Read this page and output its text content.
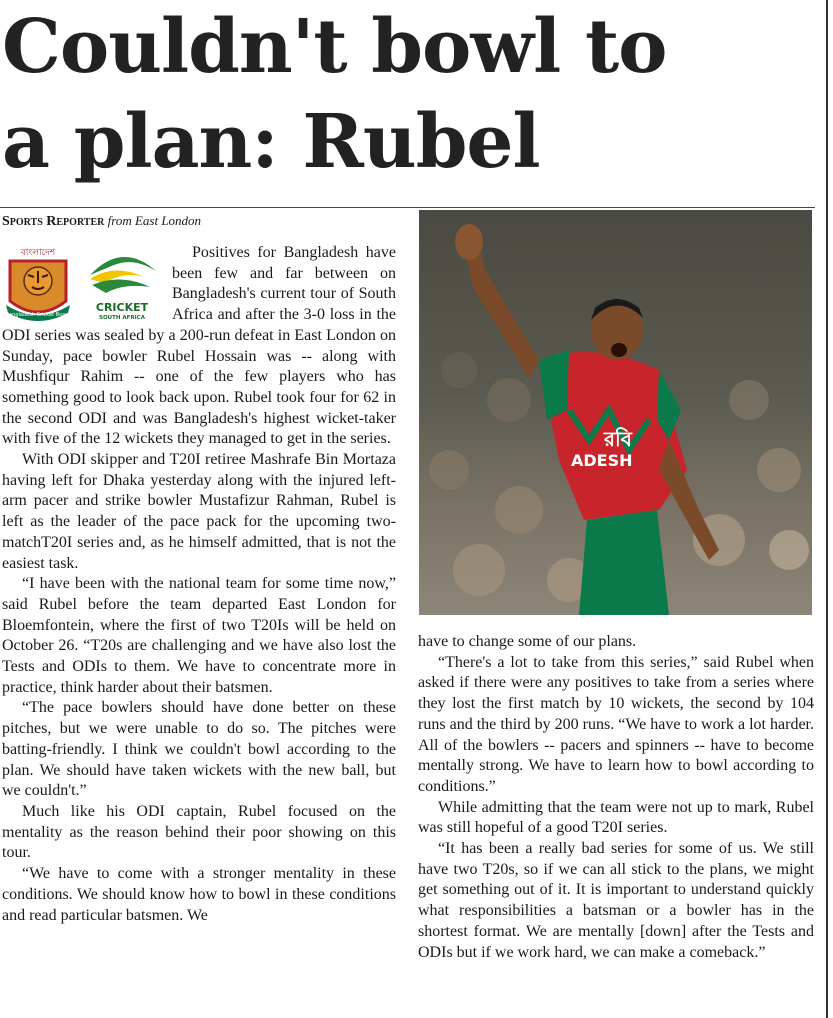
Couldn't bowl to
a plan: Rubel
Sports Reporter from East London
বাংলাদেশ
Bangladesh Cricket Board
CRICKET
SOUTH AFRICA

Positives for Bangladesh have been few and far between on Bangladesh's current tour of South Africa and after the 3-0 loss in the ODI series was sealed by a 200-run defeat in East London on Sunday, pace bowler Rubel Hossain was -- along with Mushfiqur Rahim -- one of the few players who has something good to look back upon. Rubel took four for 62 in the second ODI and was Bangladesh's highest wicket-taker with five of the 12 wickets they managed to get in the series.

With ODI skipper and T20I retiree Mashrafe Bin Mortaza having left for Dhaka yesterday along with the injured left-arm pacer and strike bowler Mustafizur Rahman, Rubel is left as the leader of the pace pack for the upcoming two-matchT20I series and, as he himself admitted, that is not the easiest task.

“I have been with the national team for some time now,” said Rubel before the team departed East London for Bloemfontein, where the first of two T20Is will be held on October 26. “T20s are challenging and we have also lost the Tests and ODIs to them. We have to concentrate more in practice, think harder about their batsmen.

“The pace bowlers should have done better on these pitches, but we were unable to do so. The pitches were batting-friendly. I think we couldn't bowl according to the plan. We should have taken wickets with the new ball, but we couldn't.”

Much like his ODI captain, Rubel focused on the mentality as the reason behind their poor showing on this tour.

“We have to come with a stronger mentality in these conditions. We should know how to bowl in these conditions and read particular batsmen. We

রবি
ADESH

have to change some of our plans.

“There's a lot to take from this series,” said Rubel when asked if there were any positives to take from a series where they lost the first match by 10 wickets, the second by 104 runs and the third by 200 runs. “We have to work a lot harder. All of the bowlers -- pacers and spinners -- have to become mentally strong. We have to learn how to bowl according to conditions.”

While admitting that the team were not up to mark, Rubel was still hopeful of a good T20I series.

“It has been a really bad series for some of us. We still have two T20s, so if we can all stick to the plans, we might get something out of it. It is important to understand quickly what responsibilities a batsman or a bowler has in the shortest format. We are mentally [down] after the Tests and ODIs but if we work hard, we can make a comeback.”
